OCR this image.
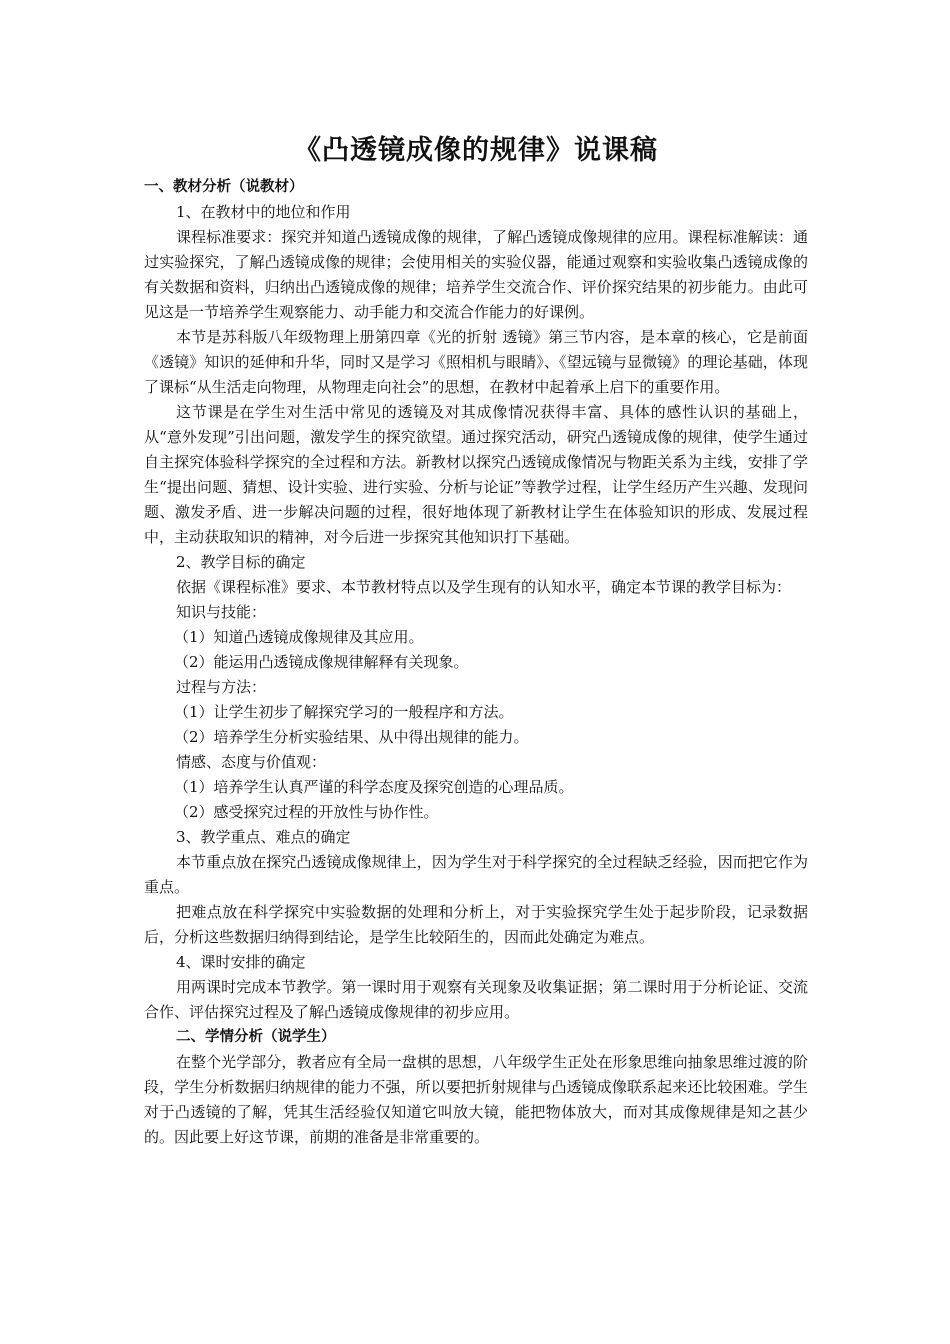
《凸透镜成像的规律》说课稿

一、教材分析（说教材）

1、在教材中的地位和作用

课程标准要求：探究并知道凸透镜成像的规律，了解凸透镜成像规律的应用。课程标准解读：通过实验探究，了解凸透镜成像的规律；会使用相关的实验仪器，能通过观察和实验收集凸透镜成像的有关数据和资料，归纳出凸透镜成像的规律；培养学生交流合作、评价探究结果的初步能力。由此可见这是一节培养学生观察能力、动手能力和交流合作能力的好课例。

本节是苏科版八年级物理上册第四章《光的折射 透镜》第三节内容，是本章的核心，它是前面《透镜》知识的延伸和升华，同时又是学习《照相机与眼睛》、《望远镜与显微镜》的理论基础，体现了课标“从生活走向物理，从物理走向社会”的思想，在教材中起着承上启下的重要作用。

这节课是在学生对生活中常见的透镜及对其成像情况获得丰富、具体的感性认识的基础上，从“意外发现”引出问题，激发学生的探究欲望。通过探究活动，研究凸透镜成像的规律，使学生通过自主探究体验科学探究的全过程和方法。新教材以探究凸透镜成像情况与物距关系为主线，安排了学生“提出问题、猜想、设计实验、进行实验、分析与论证”等教学过程，让学生经历产生兴趣、发现问题、激发矛盾、进一步解决问题的过程，很好地体现了新教材让学生在体验知识的形成、发展过程中，主动获取知识的精神，对今后进一步探究其他知识打下基础。

2、教学目标的确定

依据《课程标准》要求、本节教材特点以及学生现有的认知水平，确定本节课的教学目标为：

知识与技能：

（1）知道凸透镜成像规律及其应用。

（2）能运用凸透镜成像规律解释有关现象。

过程与方法：

（1）让学生初步了解探究学习的一般程序和方法。

（2）培养学生分析实验结果、从中得出规律的能力。

情感、态度与价值观：

（1）培养学生认真严谨的科学态度及探究创造的心理品质。

（2）感受探究过程的开放性与协作性。

3、教学重点、难点的确定

本节重点放在探究凸透镜成像规律上，因为学生对于科学探究的全过程缺乏经验，因而把它作为重点。

把难点放在科学探究中实验数据的处理和分析上，对于实验探究学生处于起步阶段，记录数据后，分析这些数据归纳得到结论，是学生比较陌生的，因而此处确定为难点。

4、课时安排的确定

用两课时完成本节教学。第一课时用于观察有关现象及收集证据；第二课时用于分析论证、交流合作、评估探究过程及了解凸透镜成像规律的初步应用。

二、学情分析（说学生）

在整个光学部分，教者应有全局一盘棋的思想，八年级学生正处在形象思维向抽象思维过渡的阶段，学生分析数据归纳规律的能力不强，所以要把折射规律与凸透镜成像联系起来还比较困难。学生对于凸透镜的了解，凭其生活经验仅知道它叫放大镜，能把物体放大，而对其成像规律是知之甚少的。因此要上好这节课，前期的准备是非常重要的。
